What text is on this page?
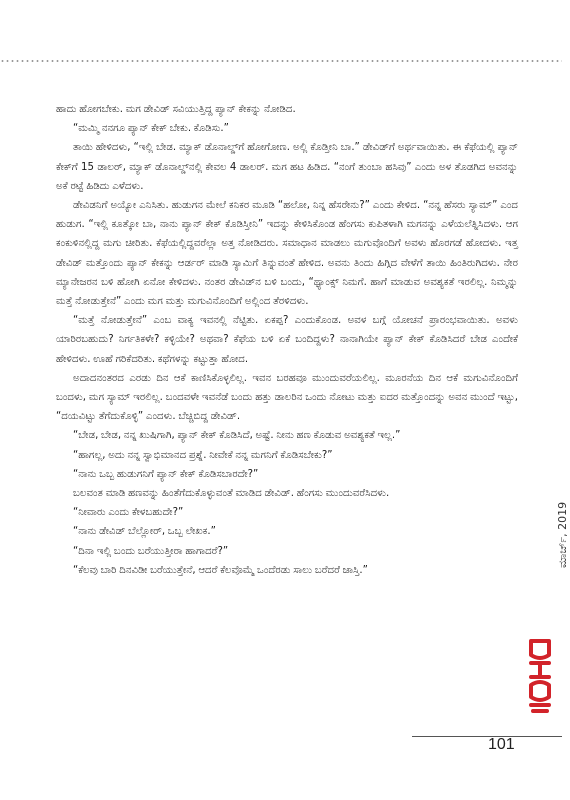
ಹಾದು ಹೋಗಬೇಕು. ಮಗ ಡೇವಿಡ್ ಸವಿಯುತ್ತಿದ್ದ ಪ್ಯಾನ್ ಕೇಕನ್ನು ನೋಡಿದ.

“ಮಮ್ಮಿ ನನಗೂ ಪ್ಯಾನ್ ಕೇಕ್ ಬೇಕು. ಕೊಡಿಸು.”

ತಾಯಿ ಹೇಳಿದಳು, “ಇಲ್ಲಿ ಬೇಡ. ಮ್ಯಾಕ್ ಡೊನಾಲ್ಡ್‌ಗೆ ಹೋಗೋಣ. ಅಲ್ಲಿ ಕೊಡ್ತೀನಿ ಬಾ.” ಡೇವಿಡ್‌ಗೆ ಅರ್ಥವಾಯಿತು. ಈ ಕೆಫೆಯಲ್ಲಿ ಪ್ಯಾನ್ ಕೇಕ್‌ಗೆ 15 ಡಾಲರ್, ಮ್ಯಾಕ್ ಡೊನಾಲ್ಡ್‌ನಲ್ಲಿ ಕೇವಲ 4 ಡಾಲರ್. ಮಗ ಹಟ ಹಿಡಿದ. “ನಂಗೆ ತುಂಬಾ ಹಸಿವು” ಎಂದು ಅಳ ತೊಡಗಿದ ಅವನನ್ನು ಅಕೆ ರಟ್ಟೆ ಹಿಡಿದು ಎಳೆದಳು.

ಡೇವಿಡನಿಗೆ ಅಯ್ಯೋ ಎನಿಸಿತು. ಹುಡುಗನ ಮೇಲೆ ಕನಿಕರ ಮೂಡಿ “ಹಲೋ, ನಿನ್ನ ಹೆಸರೇನು?” ಎಂದು ಕೇಳಿದ. “ನನ್ನ ಹೆಸರು ಸ್ಯಾಮ್” ಎಂದ ಹುಡುಗ. “ಇಲ್ಲಿ ಕೂತ್ಕೋ ಬಾ, ನಾನು ಪ್ಯಾನ್ ಕೇಕ್ ಕೊಡಿಸ್ತೀನಿ” ಇದನ್ನು ಕೇಳಿಸಿಕೊಂಡ ಹೆಂಗಸು ಕುಪಿತಳಾಗಿ ಮಗನನ್ನು ಎಳೆಯಲೆತ್ನಿಸಿದಳು. ಆಗ ಕಂಕುಳಿನಲ್ಲಿದ್ದ ಮಗು ಚೀರಿತು. ಕೆಫೆಯಲ್ಲಿದ್ದವರೆಲ್ಲಾ ಅತ್ತ ನೋಡಿದರು. ಸಮಾಧಾನ ಮಾಡಲು ಮಗುವೊಂದಿಗೆ ಅವಳು ಹೊರಗಡೆ ಹೋದಳು. ಇತ್ತ ಡೇವಿಡ್ ಮತ್ತೊಂದು ಪ್ಯಾನ್ ಕೇಕನ್ನು ಆರ್ಡರ್ ಮಾಡಿ ಸ್ಯಾಮಿಗೆ ತಿನ್ನುವಂತೆ ಹೇಳಿದ. ಅವನು ತಿಂದು ಹಿಗ್ಗಿದ ವೇಳೆಗೆ ತಾಯಿ ಹಿಂತಿರುಗಿದಳು. ನೇರ ಮ್ಯಾನೇಜರನ ಬಳಿ ಹೋಗಿ ಏನೋ ಕೇಳಿದಳು. ನಂತರ ಡೇವಿಡ್‌ನ ಬಳಿ ಬಂದು, “ಥ್ಯಾಂಕ್ಸ್ ನಿಮಗೆ. ಹಾಗೆ ಮಾಡುವ ಅವಶ್ಯಕತೆ ಇರಲಿಲ್ಲ. ನಿಮ್ಮನ್ನು ಮತ್ತೆ ನೋಡುತ್ತೇನೆ” ಎಂದು ಮಗ ಮತ್ತು ಮಗುವಿನೊಂದಿಗೆ ಅಲ್ಲಿಂದ ತೆರಳಿದಳು.

“ಮತ್ತೆ ನೋಡುತ್ತೇನೆ” ಎಂಬ ವಾಕ್ಯ ಇವನಲ್ಲಿ ನೆಟ್ಟಿತು. ಏಕಪ್ಪ? ಎಂದುಕೊಂಡ. ಅವಳ ಬಗ್ಗೆ ಯೋಚನೆ ಪ್ರಾರಂಭವಾಯಿತು. ಅವಳು ಯಾರಿರಬಹುದು? ನಿರ್ಗತಿಕಳೇ? ಕಳ್ಳಿಯೇ? ಅಥವಾ? ಕೆಫೆಯ ಬಳಿ ಏಕೆ ಬಂದಿದ್ದಳು? ನಾನಾಗಿಯೇ ಪ್ಯಾನ್ ಕೇಕ್ ಕೊಡಿಸಿದರೆ ಬೇಡ ಎಂದೇಕೆ ಹೇಳಿದಳು. ಊಹೆ ಗರಿಕೆದರಿತು. ಕಥೆಗಳನ್ನು ಕಟ್ಟುತ್ತಾ ಹೋದ.

ಅದಾದನಂತರದ ಎರಡು ದಿನ ಆಕೆ ಕಾಣಿಸಿಕೊಳ್ಳಲಿಲ್ಲ. ಇವನ ಬರಹವೂ ಮುಂದುವರೆಯಲಿಲ್ಲ. ಮೂರನೆಯ ದಿನ ಆಕೆ ಮಗುವಿನೊಂದಿಗೆ ಬಂದಳು, ಮಗ ಸ್ಯಾಮ್ ಇರಲಿಲ್ಲ. ಬಂದವಳೇ ಇವನೆಡೆ ಬಂದು ಹತ್ತು ಡಾಲರಿನ ಒಂದು ನೋಟು ಮತ್ತು ಐದರ ಮತ್ತೊಂದನ್ನು ಅವನ ಮುಂದೆ ಇಟ್ಟು, “ದಯವಿಟ್ಟು ತೆಗೆದುಕೊಳ್ಳಿ” ಎಂದಳು. ಬೆಚ್ಚಿಬಿದ್ದ ಡೇವಿಡ್.

“ಬೇಡ, ಬೇಡ, ನನ್ನ ಖುಷಿಗಾಗಿ, ಪ್ಯಾನ್ ಕೇಕ್ ಕೊಡಿಸಿದೆ, ಅಷ್ಟೆ. ನೀನು ಹಣ ಕೊಡುವ ಅವಶ್ಯಕತೆ ಇಲ್ಲ.”

“ಹಾಗಲ್ಲ, ಅದು ನನ್ನ ಸ್ವಾಭಿಮಾನದ ಪ್ರಶ್ನೆ. ನೀವೇಕೆ ನನ್ನ ಮಗನಿಗೆ ಕೊಡಿಸಬೇಕು?”

“ನಾನು ಒಬ್ಬ ಹುಡುಗನಿಗೆ ಪ್ಯಾನ್ ಕೇಕ್ ಕೊಡಿಸಬಾರದೇ?”

ಬಲವಂತ ಮಾಡಿ ಹಣವನ್ನು ಹಿಂತೆಗೆದುಕೊಳ್ಳುವಂತೆ ಮಾಡಿದ ಡೇವಿಡ್. ಹೆಂಗಸು ಮುಂದುವರೆಸಿದಳು.

“ನೀವಾರು ಎಂದು ಕೇಳಬಹುದೇ?”

“ನಾನು ಡೇವಿಡ್ ಬೆಲ್ಲೋರ್, ಒಬ್ಬ ಲೇಖಕ.”

“ದಿನಾ ಇಲ್ಲಿ ಬಂದು ಬರೆಯುತ್ತೀರಾ ಹಾಗಾದರೆ?”

“ಕೆಲವು ಬಾರಿ ದಿನವಿಡೀ ಬರೆಯುತ್ತೇನೆ, ಆದರೆ ಕೆಲವೊಮ್ಮೆ ಒಂದೆರಡು ಸಾಲು ಬರೆದರೆ ಜಾಸ್ತಿ.”

ಮಾರ್ಚ್, 2019
101
